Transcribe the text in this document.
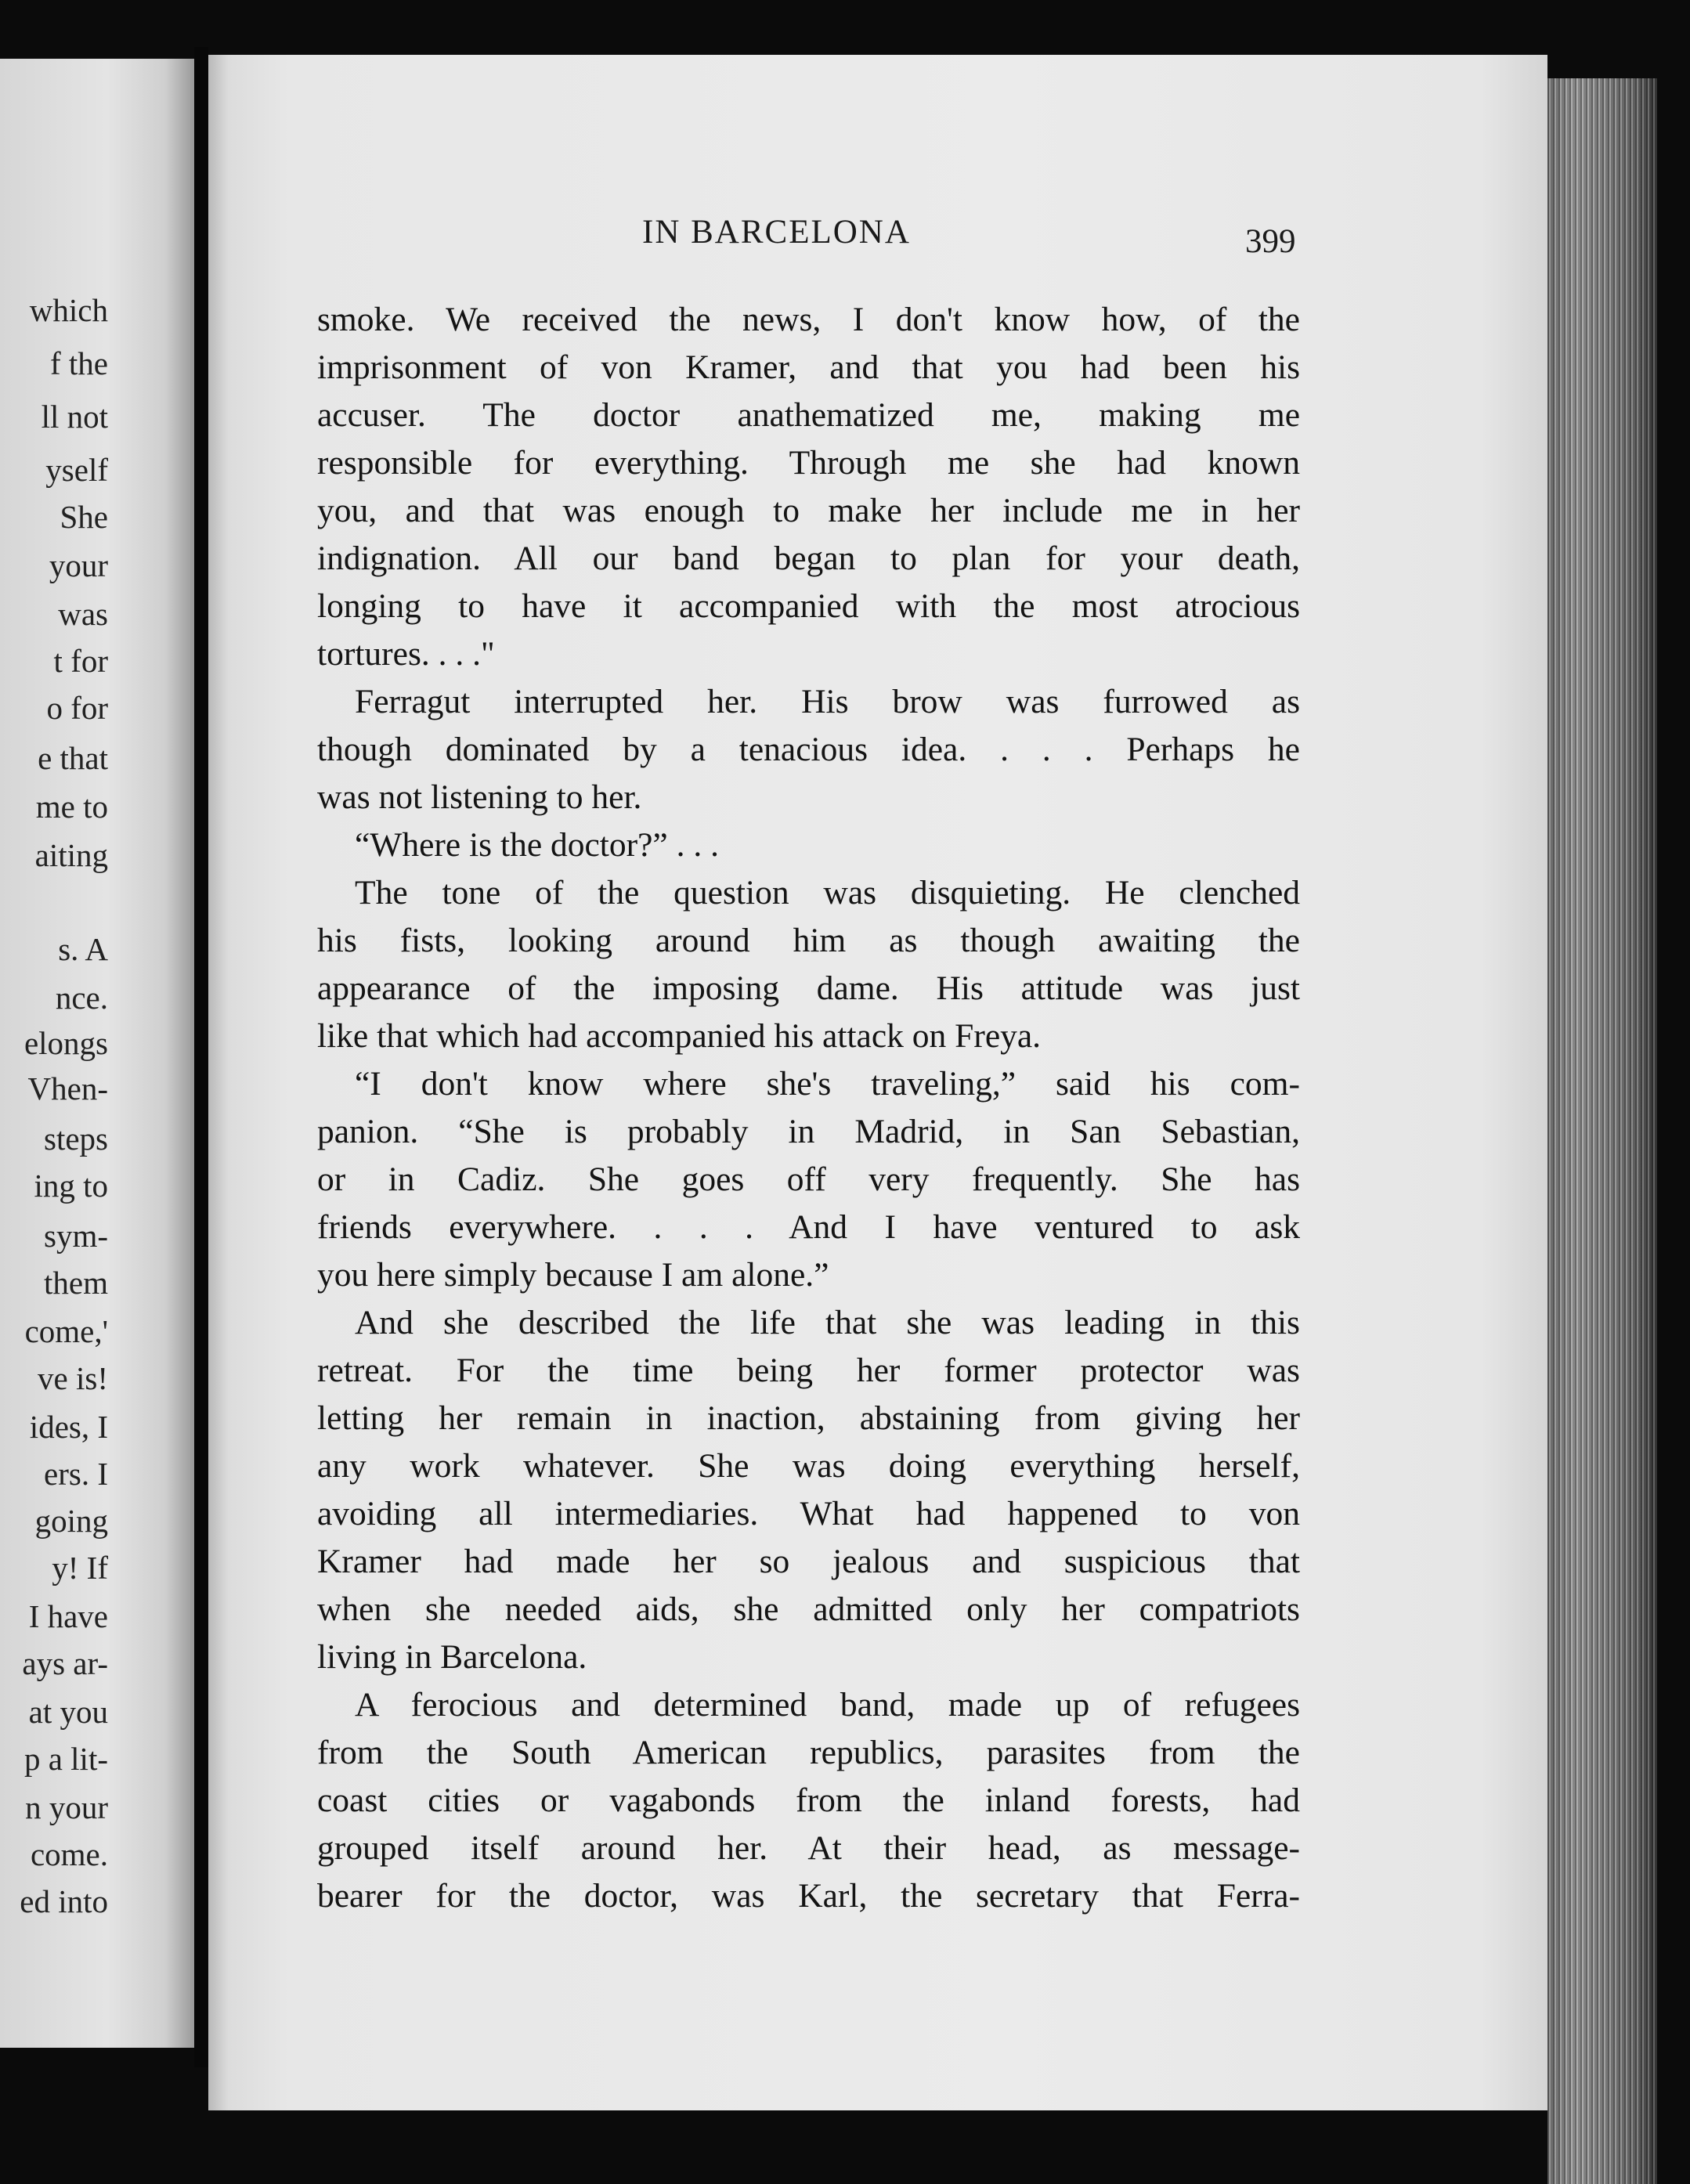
which
f the
ll not
yself
She
your
was
t for
o for
e that
me to
aiting
s. A
nce.
elongs
Vhen-
steps
ing to
sym-
them
come,'
ve is!
ides, I
ers. I
going
y! If
I have
ays ar-
at you
p a lit-
n your
come.
ed into
IN BARCELONA	399
smoke. We received the news, I don't know how, of the
imprisonment of von Kramer, and that you had been his
accuser. The doctor anathematized me, making me
responsible for everything. Through me she had known
you, and that was enough to make her include me in her
indignation. All our band began to plan for your death,
longing to have it accompanied with the most atrocious
tortures. . . ."
Ferragut interrupted her. His brow was furrowed as
though dominated by a tenacious idea. . . . Perhaps he
was not listening to her.
“Where is the doctor?” . . .
The tone of the question was disquieting. He clenched
his fists, looking around him as though awaiting the
appearance of the imposing dame. His attitude was just
like that which had accompanied his attack on Freya.
“I don't know where she's traveling,” said his com-
panion. “She is probably in Madrid, in San Sebastian,
or in Cadiz. She goes off very frequently. She has
friends everywhere. . . . And I have ventured to ask
you here simply because I am alone.”
And she described the life that she was leading in this
retreat. For the time being her former protector was
letting her remain in inaction, abstaining from giving her
any work whatever. She was doing everything herself,
avoiding all intermediaries. What had happened to von
Kramer had made her so jealous and suspicious that
when she needed aids, she admitted only her compatriots
living in Barcelona.
A ferocious and determined band, made up of refugees
from the South American republics, parasites from the
coast cities or vagabonds from the inland forests, had
grouped itself around her. At their head, as message-
bearer for the doctor, was Karl, the secretary that Ferra-
